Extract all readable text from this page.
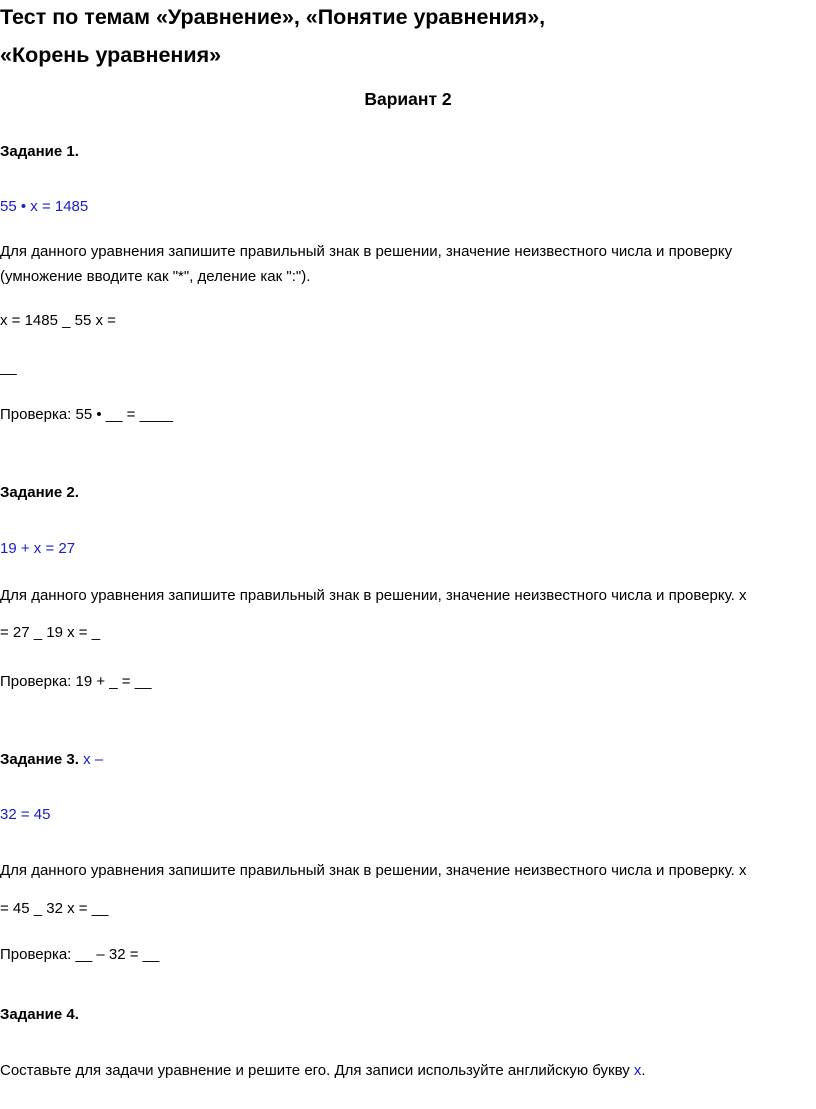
Тест по темам «Уравнение», «Понятие уравнения»,
«Корень уравнения»
Вариант 2
Задание 1.
55 • x = 1485
Для данного уравнения запишите правильный знак в решении, значение неизвестного числа и проверку
(умножение вводите как "*", деление как ":").
x = 1485 _ 55 x =
__
Проверка: 55 • __ = ____
Задание 2.
19 + x = 27
Для данного уравнения запишите правильный знак в решении, значение неизвестного числа и проверку. x
= 27 _ 19 x = _
Проверка: 19 + _ = __
Задание 3. x –
32 = 45
Для данного уравнения запишите правильный знак в решении, значение неизвестного числа и проверку. x
= 45 _ 32 x = __
Проверка: __ – 32 = __
Задание 4.
Составьте для задачи уравнение и решите его. Для записи используйте английскую букву x.
